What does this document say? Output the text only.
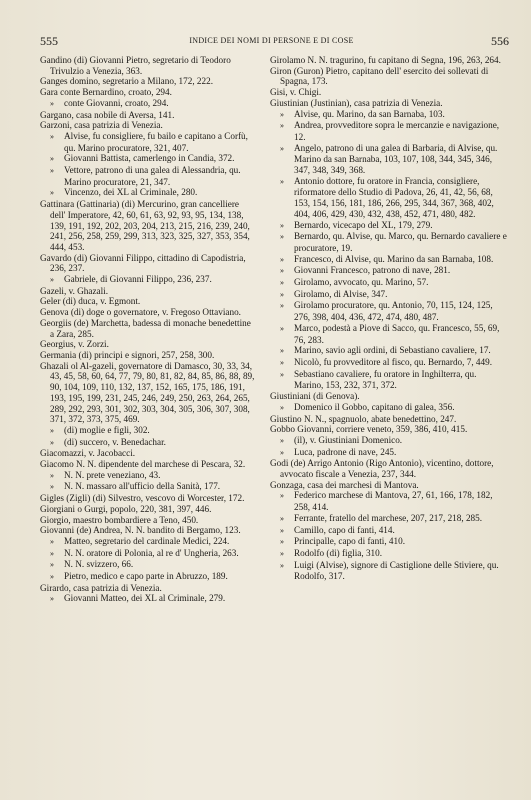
555	INDICE DEI NOMI DI PERSONE E DI COSE	556

Gandino (di) Giovanni Pietro, segretario di Teodoro Trivulzio a Venezia, 363.

Ganges domino, segretario a Milano, 172, 222.

Gara conte Bernardino, croato, 294.

» conte Giovanni, croato, 294.

Gargano, casa nobile di Aversa, 141.

Garzoni, casa patrizia di Venezia.

» Alvise, fu consigliere, fu bailo e capitano a Corfù, qu. Marino procuratore, 321, 407.

» Giovanni Battista, camerlengo in Candia, 372.

» Vettore, patrono di una galea di Alessandria, qu. Marino procuratore, 21, 347.

» Vincenzo, dei XL al Criminale, 280.

Gattinara (Gattinaria) (di) Mercurino, gran cancelliere dell' Imperatore, 42, 60, 61, 63, 92, 93, 95, 134, 138, 139, 191, 192, 202, 203, 204, 213, 215, 216, 239, 240, 241, 256, 258, 259, 299, 313, 323, 325, 327, 353, 354, 444, 453.

Gavardo (di) Giovanni Filippo, cittadino di Capodistria, 236, 237.

» Gabriele, di Giovanni Filippo, 236, 237.

Gazeli, v. Ghazali.

Geler (di) duca, v. Egmont.

Genova (di) doge o governatore, v. Fregoso Ottaviano.

Georgiis (de) Marchetta, badessa di monache benedettine a Zara, 285.

Georgius, v. Zorzi.

Germania (di) principi e signori, 257, 258, 300.

Ghazali ol Al-gazeli, governatore di Damasco, 30, 33, 34, 43, 45, 58, 60, 64, 77, 79, 80, 81, 82, 84, 85, 86, 88, 89, 90, 104, 109, 110, 132, 137, 152, 165, 175, 186, 191, 193, 195, 199, 231, 245, 246, 249, 250, 263, 264, 265, 289, 292, 293, 301, 302, 303, 304, 305, 306, 307, 308, 371, 372, 373, 375, 469.

» (di) moglie e figli, 302.

» (di) succero, v. Benedachar.

Giacomazzi, v. Jacobacci.

Giacomo N. N. dipendente del marchese di Pescara, 32.

» N. N. prete veneziano, 43.

» N. N. massaro all'ufficio della Sanità, 177.

Gigles (Zigli) (di) Silvestro, vescovo di Worcester, 172.

Giorgiani o Gurgi, popolo, 220, 381, 397, 446.

Giorgio, maestro bombardiere a Teno, 450.

Giovanni (de) Andrea, N. N. bandito di Bergamo, 123.

» Matteo, segretario del cardinale Medici, 224.

» N. N. oratore di Polonia, al re d' Ungheria, 263.

» N. N. svizzero, 66.

» Pietro, medico e capo parte in Abruzzo, 189.

Girardo, casa patrizia di Venezia.

» Giovanni Matteo, dei XL al Criminale, 279.

Girolamo N. N. tragurino, fu capitano di Segna, 196, 263, 264.

Giron (Guron) Pietro, capitano dell' esercito dei sollevati di Spagna, 173.

Gisi, v. Chigi.

Giustinian (Justinian), casa patrizia di Venezia.

» Alvise, qu. Marino, da san Barnaba, 103.

» Andrea, provveditore sopra le mercanzie e navigazione, 12.

» Angelo, patrono di una galea di Barbaria, di Alvise, qu. Marino da san Barnaba, 103, 107, 108, 344, 345, 346, 347, 348, 349, 368.

» Antonio dottore, fu oratore in Francia, consigliere, riformatore dello Studio di Padova, 26, 41, 42, 56, 68, 153, 154, 156, 181, 186, 266, 295, 344, 367, 368, 402, 404, 406, 429, 430, 432, 438, 452, 471, 480, 482.

» Bernardo, vicecapo del XL, 179, 279.

» Bernardo, qu. Alvise, qu. Marco, qu. Bernardo cavaliere e procuratore, 19.

» Francesco, di Alvise, qu. Marino da san Barnaba, 108.

» Giovanni Francesco, patrono di nave, 281.

» Girolamo, avvocato, qu. Marino, 57.

» Girolamo, di Alvise, 347.

» Girolamo procuratore, qu. Antonio, 70, 115, 124, 125, 276, 398, 404, 436, 472, 474, 480, 487.

» Marco, podestà a Piove di Sacco, qu. Francesco, 55, 69, 76, 283.

» Marino, savio agli ordini, di Sebastiano cavaliere, 17.

» Nicolò, fu provveditore al fisco, qu. Bernardo, 7, 449.

» Sebastiano cavaliere, fu oratore in Inghilterra, qu. Marino, 153, 232, 371, 372.

Giustiniani (di Genova).

» Domenico il Gobbo, capitano di galea, 356.

Giustino N. N., spagnuolo, abate benedettino, 247.

Gobbo Giovanni, corriere veneto, 359, 386, 410, 415.

» (il), v. Giustiniani Domenico.

» Luca, padrone di nave, 245.

Godi (de) Arrigo Antonio (Rigo Antonio), vicentino, dottore, avvocato fiscale a Venezia, 237, 344.

Gonzaga, casa dei marchesi di Mantova.

» Federico marchese di Mantova, 27, 61, 166, 178, 182, 258, 414.

» Ferrante, fratello del marchese, 207, 217, 218, 285.

» Camillo, capo di fanti, 414.

» Principalle, capo di fanti, 410.

» Rodolfo (di) figlia, 310.

» Luigi (Alvise), signore di Castiglione delle Stiviere, qu. Rodolfo, 317.
